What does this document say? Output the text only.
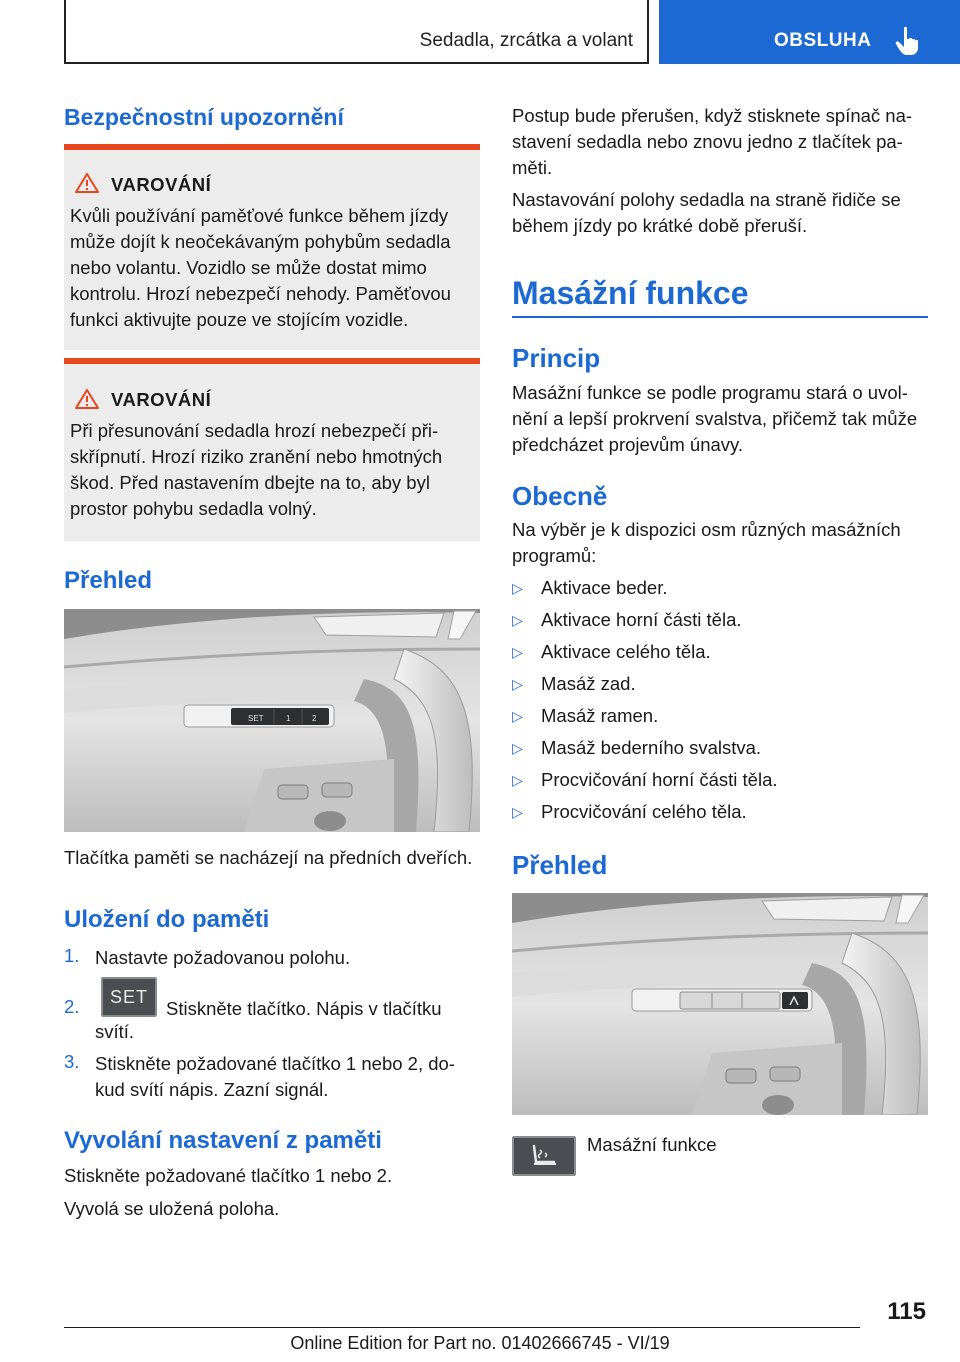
Sedadla, zrcátka a volant	OBSLUHA
Bezpečnostní upozornění
VAROVÁNÍ
Kvůli používání paměťové funkce během jízdy
může dojít k neočekávaným pohybům sedadla
nebo volantu. Vozidlo se může dostat mimo
kontrolu. Hrozí nebezpečí nehody. Paměťovou
funkci aktivujte pouze ve stojícím vozidle.
VAROVÁNÍ
Při přesunování sedadla hrozí nebezpečí při-
skřípnutí. Hrozí riziko zranění nebo hmotných
škod. Před nastavením dbejte na to, aby byl
prostor pohybu sedadla volný.
Přehled
SET	1	2
Tlačítka paměti se nacházejí na předních dveřích.
Uložení do paměti
1. Nastavte požadovanou polohu.
2.	SET
Stiskněte tlačítko. Nápis v tlačítku
svítí.
3. Stiskněte požadované tlačítko 1 nebo 2, do-
kud svítí nápis. Zazní signál.
Vyvolání nastavení z paměti
Stiskněte požadované tlačítko 1 nebo 2.
Vyvolá se uložená poloha.
Postup bude přerušen, když stisknete spínač na-
stavení sedadla nebo znovu jedno z tlačítek pa-
měti.
Nastavování polohy sedadla na straně řidiče se
během jízdy po krátké době přeruší.
Masážní funkce
Princip
Masážní funkce se podle programu stará o uvol-
nění a lepší prokrvení svalstva, přičemž tak může
předcházet projevům únavy.
Obecně
Na výběr je k dispozici osm různých masážních
programů:
▷ Aktivace beder.
▷ Aktivace horní části těla.
▷ Aktivace celého těla.
▷ Masáž zad.
▷ Masáž ramen.
▷ Masáž bederního svalstva.
▷ Procvičování horní části těla.
▷ Procvičování celého těla.
Přehled
Masážní funkce
115
Online Edition for Part no. 01402666745 - VI/19
